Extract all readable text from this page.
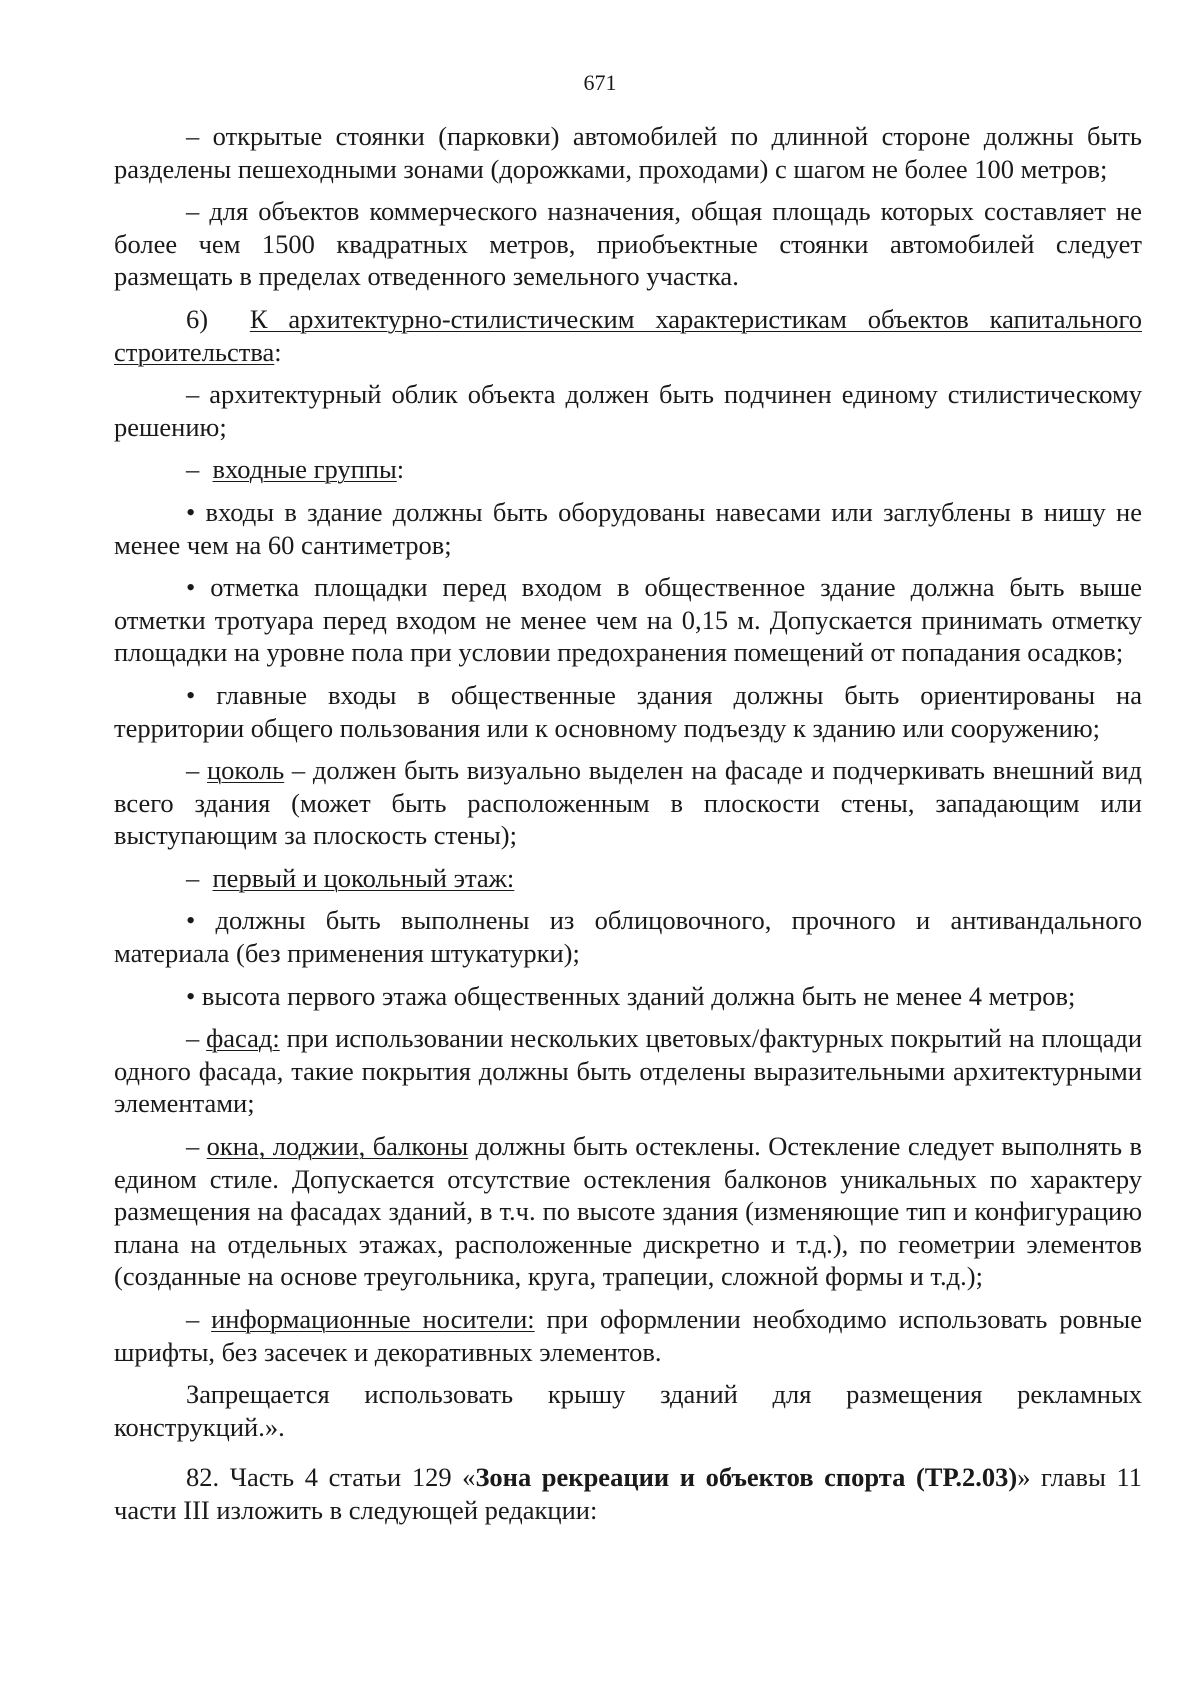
671

– открытые стоянки (парковки) автомобилей по длинной стороне должны быть разделены пешеходными зонами (дорожками, проходами) с шагом не более 100 метров;

– для объектов коммерческого назначения, общая площадь которых составляет не более чем 1500 квадратных метров, приобъектные стоянки автомобилей следует размещать в пределах отведенного земельного участка.

6) К архитектурно-стилистическим характеристикам объектов капитального строительства:

– архитектурный облик объекта должен быть подчинен единому стилистическому решению;

– входные группы:

• входы в здание должны быть оборудованы навесами или заглублены в нишу не менее чем на 60 сантиметров;

• отметка площадки перед входом в общественное здание должна быть выше отметки тротуара перед входом не менее чем на 0,15 м. Допускается принимать отметку площадки на уровне пола при условии предохранения помещений от попадания осадков;

• главные входы в общественные здания должны быть ориентированы на территории общего пользования или к основному подъезду к зданию или сооружению;

– цоколь – должен быть визуально выделен на фасаде и подчеркивать внешний вид всего здания (может быть расположенным в плоскости стены, западающим или выступающим за плоскость стены);

– первый и цокольный этаж:

• должны быть выполнены из облицовочного, прочного и антивандального материала (без применения штукатурки);

• высота первого этажа общественных зданий должна быть не менее 4 метров;

– фасад: при использовании нескольких цветовых/фактурных покрытий на площади одного фасада, такие покрытия должны быть отделены выразительными архитектурными элементами;

– окна, лоджии, балконы должны быть остеклены. Остекление следует выполнять в едином стиле. Допускается отсутствие остекления балконов уникальных по характеру размещения на фасадах зданий, в т.ч. по высоте здания (изменяющие тип и конфигурацию плана на отдельных этажах, расположенные дискретно и т.д.), по геометрии элементов (созданные на основе треугольника, круга, трапеции, сложной формы и т.д.);

– информационные носители: при оформлении необходимо использовать ровные шрифты, без засечек и декоративных элементов.

Запрещается использовать крышу зданий для размещения рекламных конструкций.».

82. Часть 4 статьи 129 «Зона рекреации и объектов спорта (ТР.2.03)» главы 11 части III изложить в следующей редакции:
